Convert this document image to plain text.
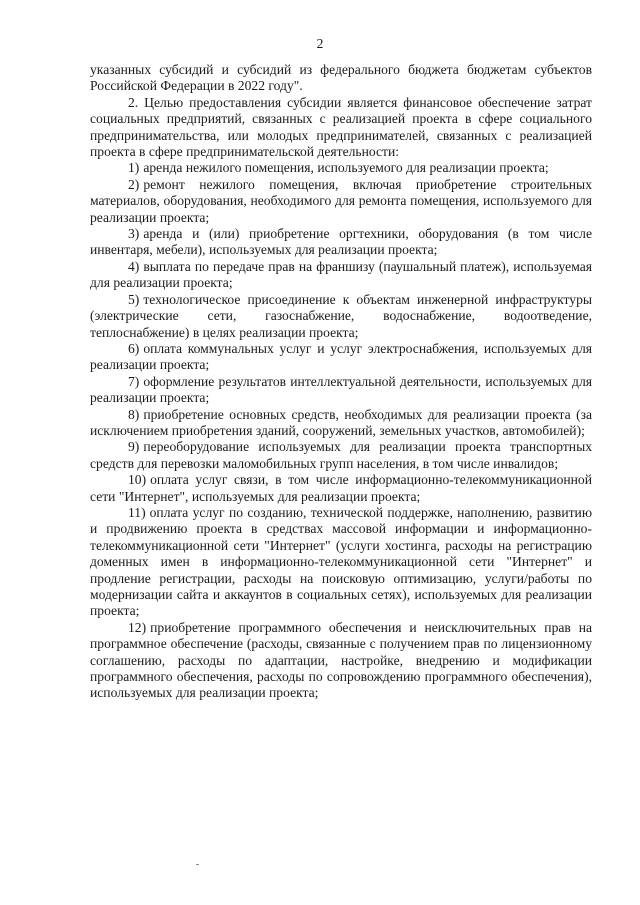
2

указанных субсидий и субсидий из федерального бюджета бюджетам субъектов Российской Федерации в 2022 году".

2. Целью предоставления субсидии является финансовое обеспечение затрат социальных предприятий, связанных с реализацией проекта в сфере социального предпринимательства, или молодых предпринимателей, связанных с реализацией проекта в сфере предпринимательской деятельности:

1) аренда нежилого помещения, используемого для реализации проекта;

2) ремонт нежилого помещения, включая приобретение строительных материалов, оборудования, необходимого для ремонта помещения, используемого для реализации проекта;

3) аренда и (или) приобретение оргтехники, оборудования (в том числе инвентаря, мебели), используемых для реализации проекта;

4) выплата по передаче прав на франшизу (паушальный платеж), используемая для реализации проекта;

5) технологическое присоединение к объектам инженерной инфраструктуры (электрические сети, газоснабжение, водоснабжение, водоотведение, теплоснабжение) в целях реализации проекта;

6) оплата коммунальных услуг и услуг электроснабжения, используемых для реализации проекта;

7) оформление результатов интеллектуальной деятельности, используемых для реализации проекта;

8) приобретение основных средств, необходимых для реализации проекта (за исключением приобретения зданий, сооружений, земельных участков, автомобилей);

9) переоборудование используемых для реализации проекта транспортных средств для перевозки маломобильных групп населения, в том числе инвалидов;

10) оплата услуг связи, в том числе информационно-телекоммуникационной сети "Интернет", используемых для реализации проекта;

11) оплата услуг по созданию, технической поддержке, наполнению, развитию и продвижению проекта в средствах массовой информации и информационно-телекоммуникационной сети "Интернет" (услуги хостинга, расходы на регистрацию доменных имен в информационно-телекоммуникационной сети "Интернет" и продление регистрации, расходы на поисковую оптимизацию, услуги/работы по модернизации сайта и аккаунтов в социальных сетях), используемых для реализации проекта;

12) приобретение программного обеспечения и неисключительных прав на программное обеспечение (расходы, связанные с получением прав по лицензионному соглашению, расходы по адаптации, настройке, внедрению и модификации программного обеспечения, расходы по сопровождению программного обеспечения), используемых для реализации проекта;
